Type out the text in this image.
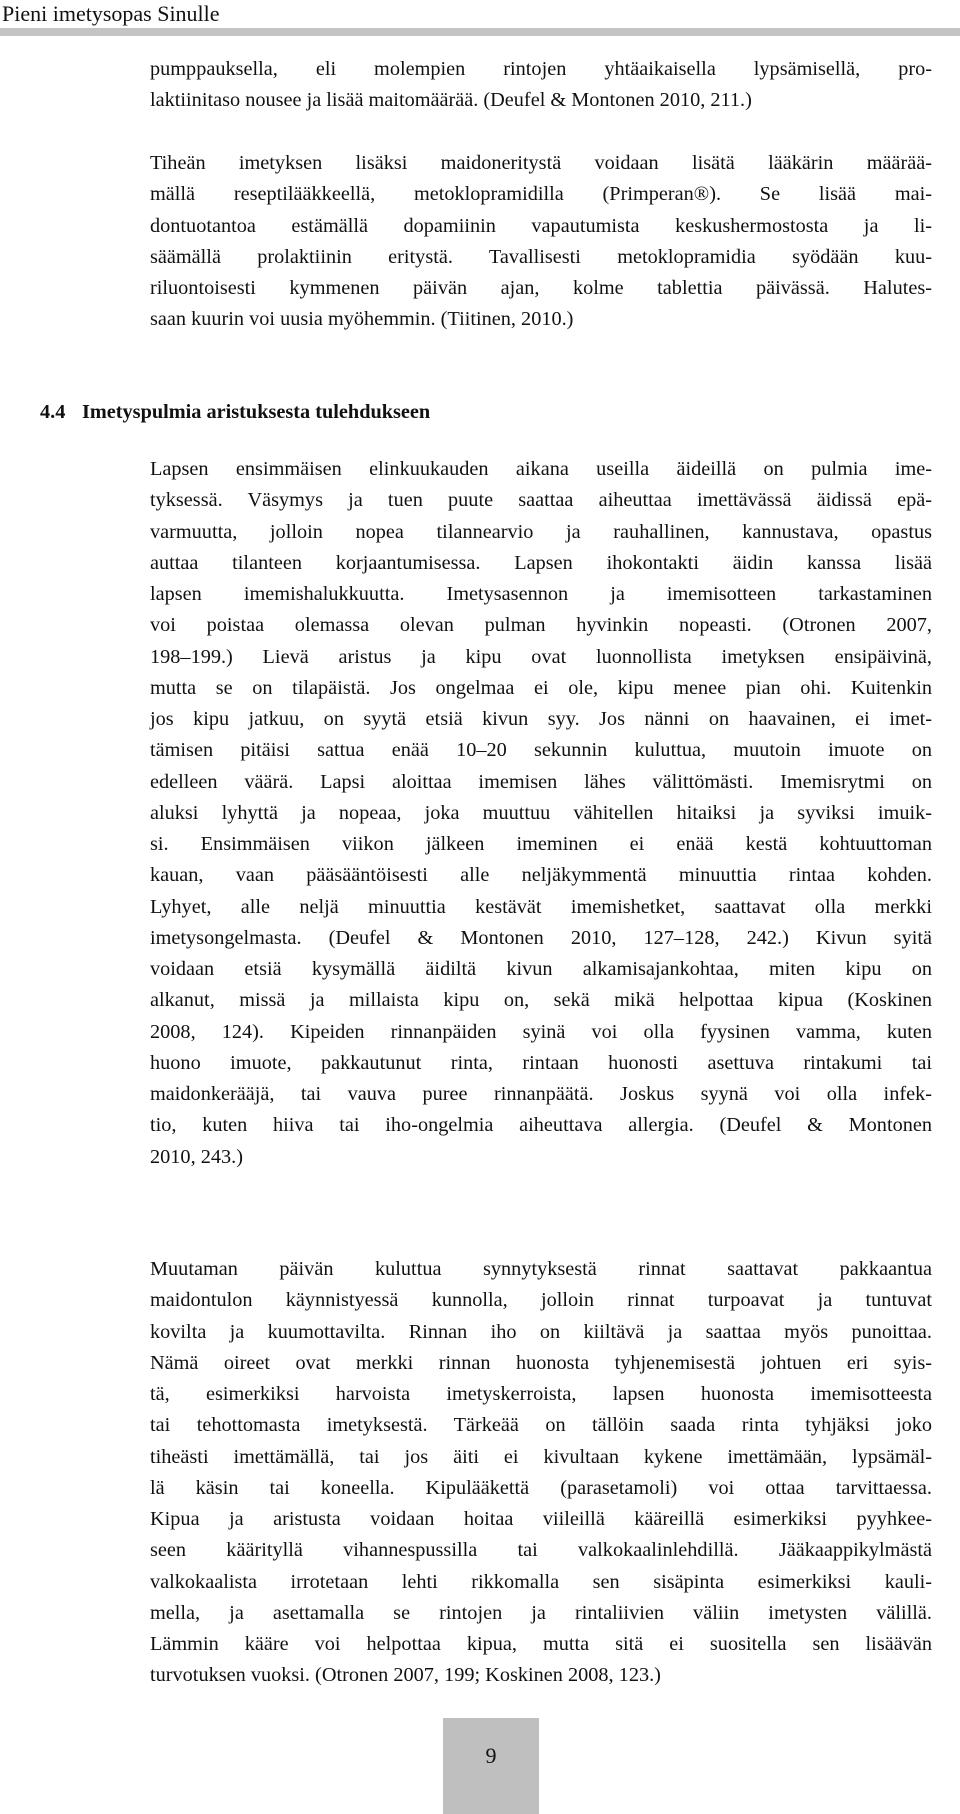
Pieni imetysopas Sinulle
pumppauksella, eli molempien rintojen yhtäaikaisella lypsämisellä, pro-
laktiinitaso nousee ja lisää maitomäärää. (Deufel & Montonen 2010, 211.)
Tiheän imetyksen lisäksi maidoneritystä voidaan lisätä lääkärin määrää-
mällä reseptilääkkeellä, metoklopramidilla (Primperan®). Se lisää mai-
dontuotantoa estämällä dopamiinin vapautumista keskushermostosta ja li-
säämällä prolaktiinin eritystä. Tavallisesti metoklopramidia syödään kuu-
riluontoisesti kymmenen päivän ajan, kolme tablettia päivässä. Halutes-
saan kuurin voi uusia myöhemmin. (Tiitinen, 2010.)
4.4 Imetyspulmia aristuksesta tulehdukseen
Lapsen ensimmäisen elinkuukauden aikana useilla äideillä on pulmia ime-
tyksessä. Väsymys ja tuen puute saattaa aiheuttaa imettävässä äidissä epä-
varmuutta, jolloin nopea tilannearvio ja rauhallinen, kannustava, opastus
auttaa tilanteen korjaantumisessa. Lapsen ihokontakti äidin kanssa lisää
lapsen imemishalukkuutta. Imetysasennon ja imemisotteen tarkastaminen
voi poistaa olemassa olevan pulman hyvinkin nopeasti. (Otronen 2007,
198–199.) Lievä aristus ja kipu ovat luonnollista imetyksen ensipäivinä,
mutta se on tilapäistä. Jos ongelmaa ei ole, kipu menee pian ohi. Kuitenkin
jos kipu jatkuu, on syytä etsiä kivun syy. Jos nänni on haavainen, ei imet-
tämisen pitäisi sattua enää 10–20 sekunnin kuluttua, muutoin imuote on
edelleen väärä. Lapsi aloittaa imemisen lähes välittömästi. Imemisrytmi on
aluksi lyhyttä ja nopeaa, joka muuttuu vähitellen hitaiksi ja syviksi imuik-
si. Ensimmäisen viikon jälkeen imeminen ei enää kestä kohtuuttoman
kauan, vaan pääsääntöisesti alle neljäkymmentä minuuttia rintaa kohden.
Lyhyet, alle neljä minuuttia kestävät imemishetket, saattavat olla merkki
imetysongelmasta. (Deufel & Montonen 2010, 127–128, 242.) Kivun syitä
voidaan etsiä kysymällä äidiltä kivun alkamisajankohtaa, miten kipu on
alkanut, missä ja millaista kipu on, sekä mikä helpottaa kipua (Koskinen
2008, 124). Kipeiden rinnanpäiden syinä voi olla fyysinen vamma, kuten
huono imuote, pakkautunut rinta, rintaan huonosti asettuva rintakumi tai
maidonkerääjä, tai vauva puree rinnanpäätä. Joskus syynä voi olla infek-
tio, kuten hiiva tai iho-ongelmia aiheuttava allergia. (Deufel & Montonen
2010, 243.)
Muutaman päivän kuluttua synnytyksestä rinnat saattavat pakkaantua
maidontulon käynnistyessä kunnolla, jolloin rinnat turpoavat ja tuntuvat
kovilta ja kuumottavilta. Rinnan iho on kiiltävä ja saattaa myös punoittaa.
Nämä oireet ovat merkki rinnan huonosta tyhjenemisestä johtuen eri syis-
tä, esimerkiksi harvoista imetyskerroista, lapsen huonosta imemisotteesta
tai tehottomasta imetyksestä. Tärkeää on tällöin saada rinta tyhjäksi joko
tiheästi imettämällä, tai jos äiti ei kivultaan kykene imettämään, lypsämäl-
lä käsin tai koneella. Kipulääkettä (parasetamoli) voi ottaa tarvittaessa.
Kipua ja aristusta voidaan hoitaa viileillä kääreillä esimerkiksi pyyhkee-
seen käärityllä vihannespussilla tai valkokaalinlehdillä. Jääkaappikylmästä
valkokaalista irrotetaan lehti rikkomalla sen sisäpinta esimerkiksi kauli-
mella, ja asettamalla se rintojen ja rintaliivien väliin imetysten välillä.
Lämmin kääre voi helpottaa kipua, mutta sitä ei suositella sen lisäävän
turvotuksen vuoksi. (Otronen 2007, 199; Koskinen 2008, 123.)
9
